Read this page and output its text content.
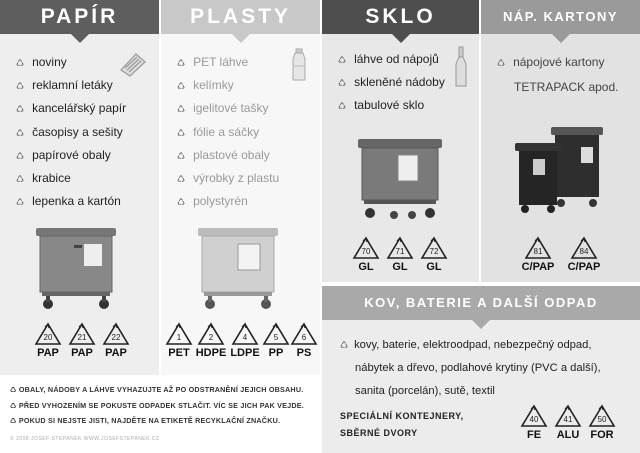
PAPÍR
♺ noviny
♺ reklamní letáky
♺ kancelářský papír
♺ časopisy a sešity
♺ papírové obaly
♺ krabice
♺ lepenka a kartón
20
PAP
21
PAP
22
PAP
PLASTY
♺ PET láhve
♺ kelímky
♺ igelitové tašky
♺ fólie a sáčky
♺ plastové obaly
♺ výrobky z plastu
♺ polystyrén
1
PET
2
HDPE
4
LDPE
5
PP
6
PS
SKLO
♺ láhve od nápojů
♺ skleněné nádoby
♺ tabulové sklo
70
GL
71
GL
72
GL
NÁP. KARTONY
♺ nápojové kartony
TETRAPACK apod.
81
C/PAP
84
C/PAP
KOV, BATERIE A DALŠÍ ODPAD
♺ kovy, baterie, elektroodpad, nebezpečný odpad,
nábytek a dřevo, podlahové krytiny (PVC a další),
sanita (porcelán), sutě, textil
SPECIÁLNÍ KONTEJNERY,
SBĚRNÉ DVORY
40
FE
41
ALU
50
FOR
♺ OBALY, NÁDOBY A LÁHVE VYHAZUJTE AŽ PO ODSTRANĚNÍ JEJICH OBSAHU.
♺ PŘED VYHOZENÍM SE POKUSTE ODPADEK STLAČIT. VÍC SE JICH PAK VEJDE.
♺ POKUD SI NEJSTE JISTI, NAJDĚTE NA ETIKETĚ RECYKLAČNÍ ZNAČKU.
© 2008 JOSEF STEPANEK WWW.JOSEFSTEPANEK.CZ
